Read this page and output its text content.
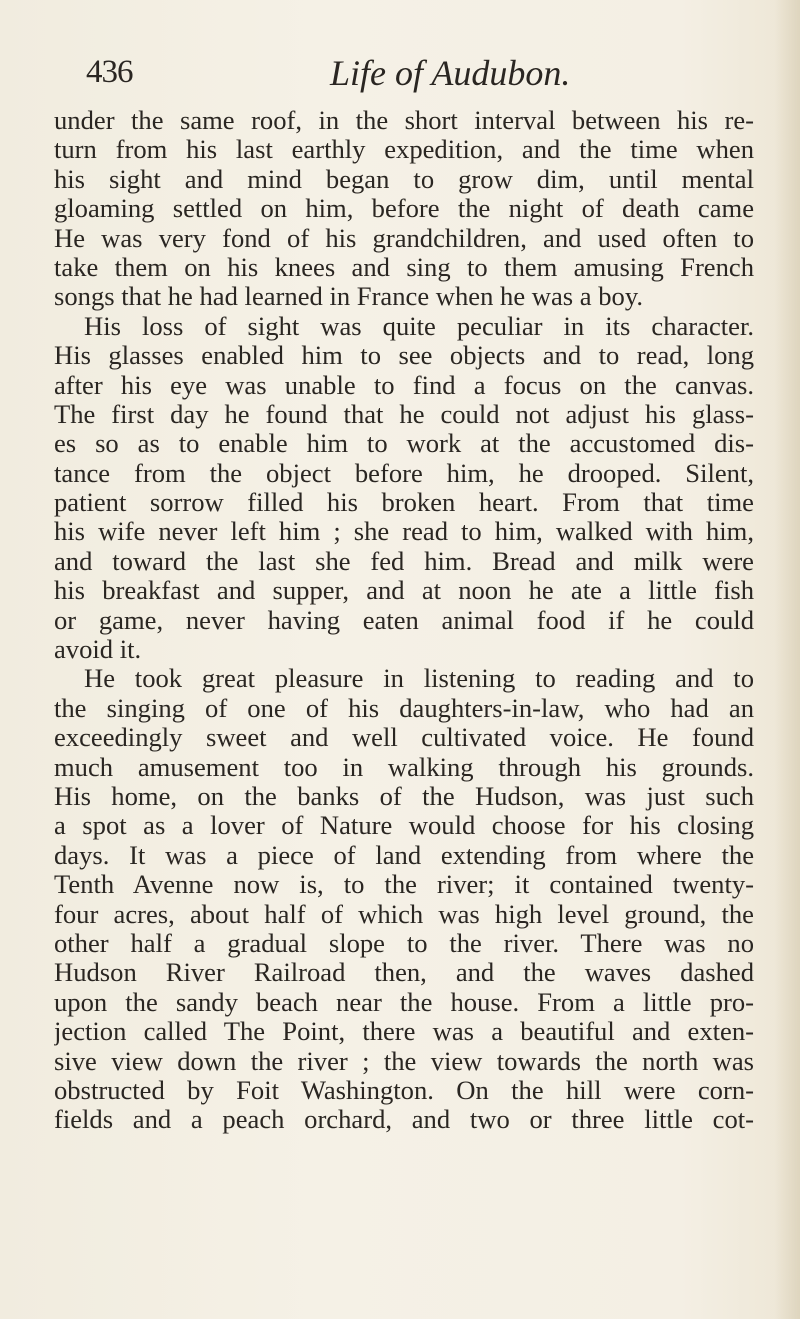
436	Life of Audubon.
under the same roof, in the short interval between his re-
turn from his last earthly expedition, and the time when
his sight and mind began to grow dim, until mental
gloaming settled on him, before the night of death came
He was very fond of his grandchildren, and used often to
take them on his knees and sing to them amusing French
songs that he had learned in France when he was a boy.
His loss of sight was quite peculiar in its character.
His glasses enabled him to see objects and to read, long
after his eye was unable to find a focus on the canvas.
The first day he found that he could not adjust his glass-
es so as to enable him to work at the accustomed dis-
tance from the object before him, he drooped. Silent,
patient sorrow filled his broken heart. From that time
his wife never left him ; she read to him, walked with him,
and toward the last she fed him. Bread and milk were
his breakfast and supper, and at noon he ate a little fish
or game, never having eaten animal food if he could
avoid it.
He took great pleasure in listening to reading and to
the singing of one of his daughters-in-law, who had an
exceedingly sweet and well cultivated voice. He found
much amusement too in walking through his grounds.
His home, on the banks of the Hudson, was just such
a spot as a lover of Nature would choose for his closing
days. It was a piece of land extending from where the
Tenth Avenne now is, to the river; it contained twenty-
four acres, about half of which was high level ground, the
other half a gradual slope to the river. There was no
Hudson River Railroad then, and the waves dashed
upon the sandy beach near the house. From a little pro-
jection called The Point, there was a beautiful and exten-
sive view down the river ; the view towards the north was
obstructed by Foit Washington. On the hill were corn-
fields and a peach orchard, and two or three little cot-
